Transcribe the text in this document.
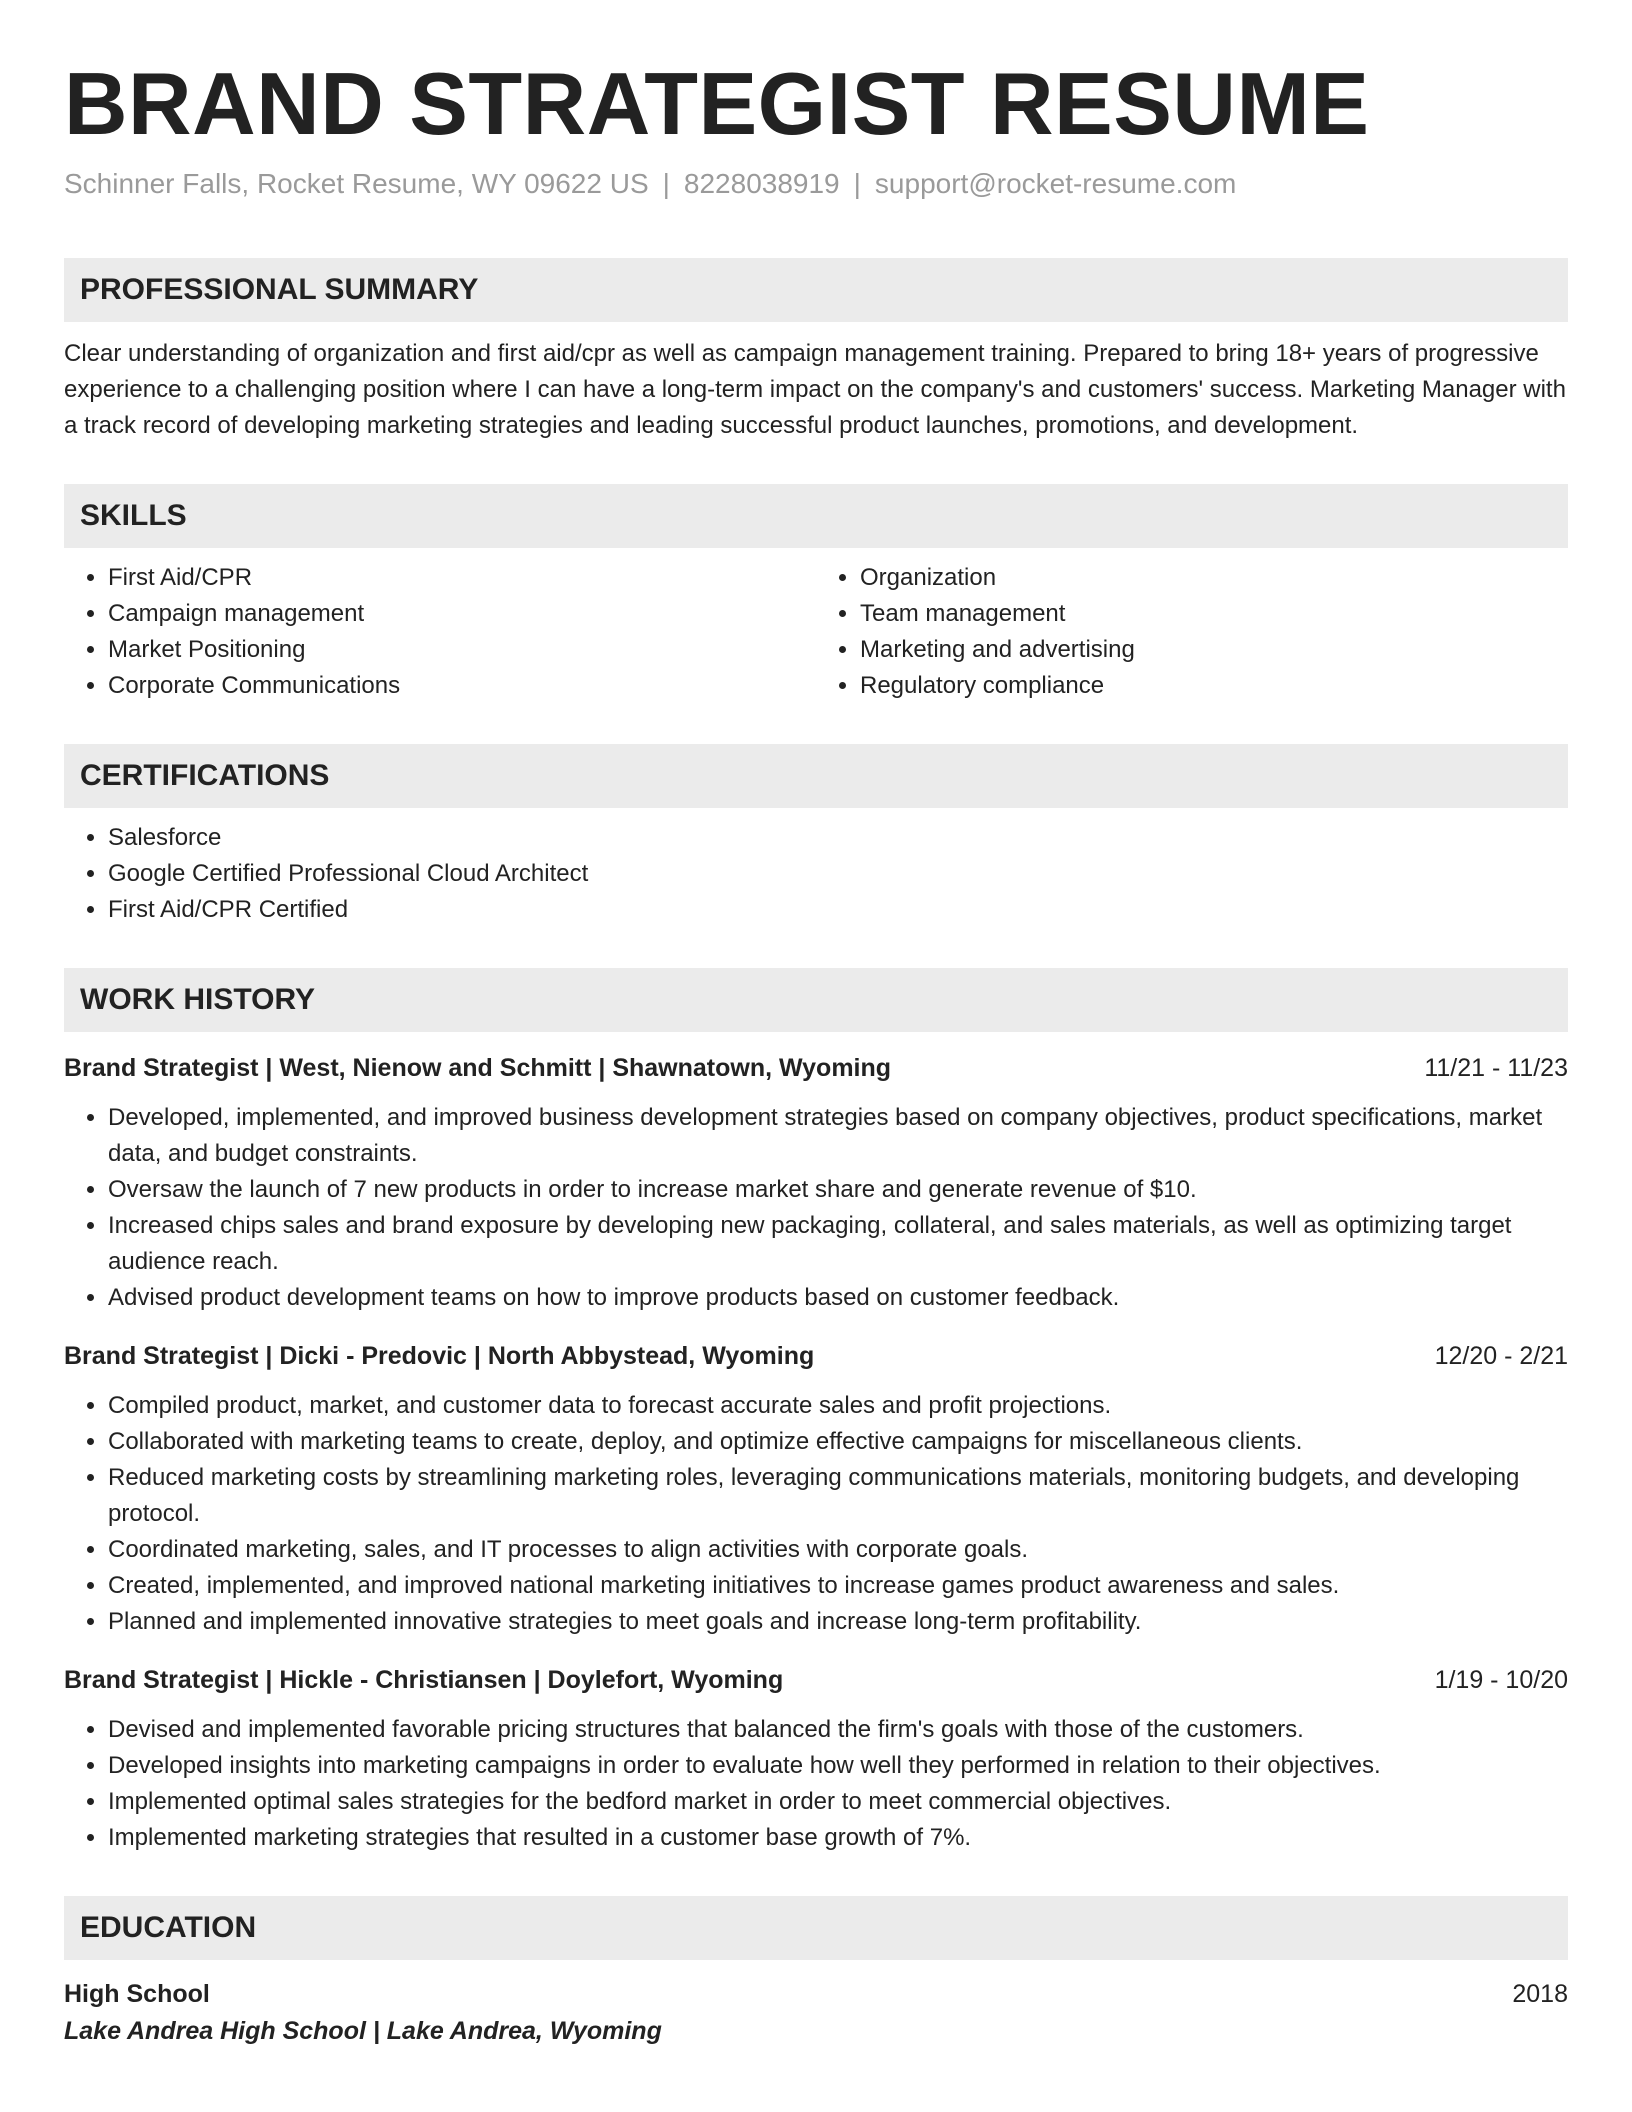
BRAND STRATEGIST RESUME
Schinner Falls, Rocket Resume, WY 09622 US | 8228038919 | support@rocket-resume.com
PROFESSIONAL SUMMARY
Clear understanding of organization and first aid/cpr as well as campaign management training. Prepared to bring 18+ years of progressive experience to a challenging position where I can have a long-term impact on the company's and customers' success. Marketing Manager with a track record of developing marketing strategies and leading successful product launches, promotions, and development.
SKILLS
• First Aid/CPR
• Campaign management
• Market Positioning
• Corporate Communications
• Organization
• Team management
• Marketing and advertising
• Regulatory compliance
CERTIFICATIONS
• Salesforce
• Google Certified Professional Cloud Architect
• First Aid/CPR Certified
WORK HISTORY
Brand Strategist | West, Nienow and Schmitt | Shawnatown, Wyoming	11/21 - 11/23
• Developed, implemented, and improved business development strategies based on company objectives, product specifications, market data, and budget constraints.
• Oversaw the launch of 7 new products in order to increase market share and generate revenue of $10.
• Increased chips sales and brand exposure by developing new packaging, collateral, and sales materials, as well as optimizing target audience reach.
• Advised product development teams on how to improve products based on customer feedback.
Brand Strategist | Dicki - Predovic | North Abbystead, Wyoming	12/20 - 2/21
• Compiled product, market, and customer data to forecast accurate sales and profit projections.
• Collaborated with marketing teams to create, deploy, and optimize effective campaigns for miscellaneous clients.
• Reduced marketing costs by streamlining marketing roles, leveraging communications materials, monitoring budgets, and developing protocol.
• Coordinated marketing, sales, and IT processes to align activities with corporate goals.
• Created, implemented, and improved national marketing initiatives to increase games product awareness and sales.
• Planned and implemented innovative strategies to meet goals and increase long-term profitability.
Brand Strategist | Hickle - Christiansen | Doylefort, Wyoming	1/19 - 10/20
• Devised and implemented favorable pricing structures that balanced the firm's goals with those of the customers.
• Developed insights into marketing campaigns in order to evaluate how well they performed in relation to their objectives.
• Implemented optimal sales strategies for the bedford market in order to meet commercial objectives.
• Implemented marketing strategies that resulted in a customer base growth of 7%.
EDUCATION
High School	2018
Lake Andrea High School | Lake Andrea, Wyoming
